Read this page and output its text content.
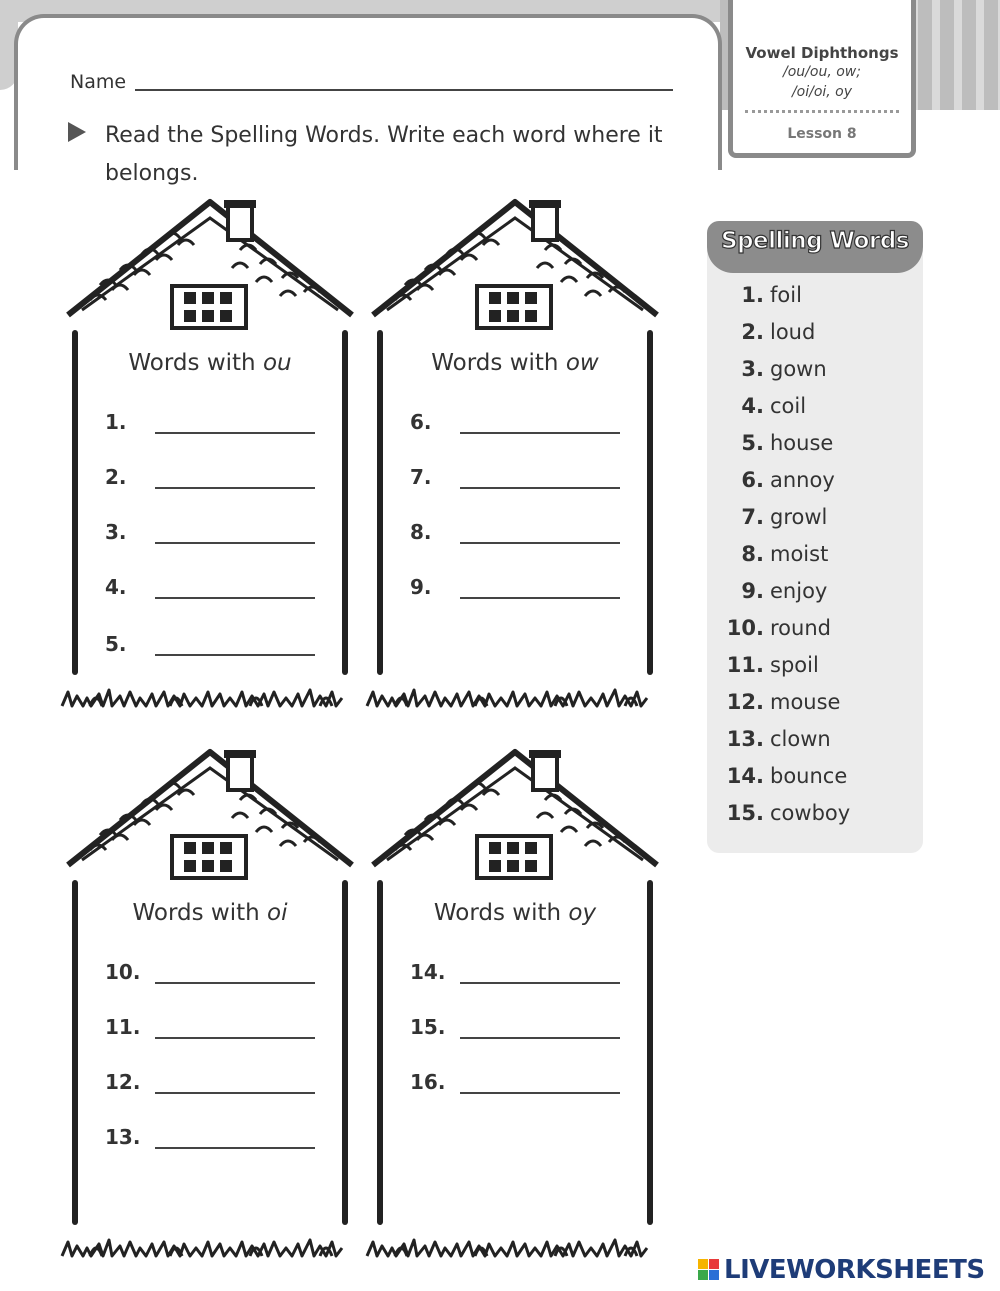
Vowel Diphthongs
/ou/ou, ow;
/oi/oi, oy
Lesson 8
Name
Read the Spelling Words. Write each word where it belongs.
Words with ou
1.
2.
3.
4.
5.
Words with ow
6.
7.
8.
9.
Words with oi
10.
11.
12.
13.
Words with oy
14.
15.
16.
Spelling Words
1. foil
2. loud
3. gown
4. coil
5. house
6. annoy
7. growl
8. moist
9. enjoy
10. round
11. spoil
12. mouse
13. clown
14. bounce
15. cowboy
LIVEWORKSHEETS
